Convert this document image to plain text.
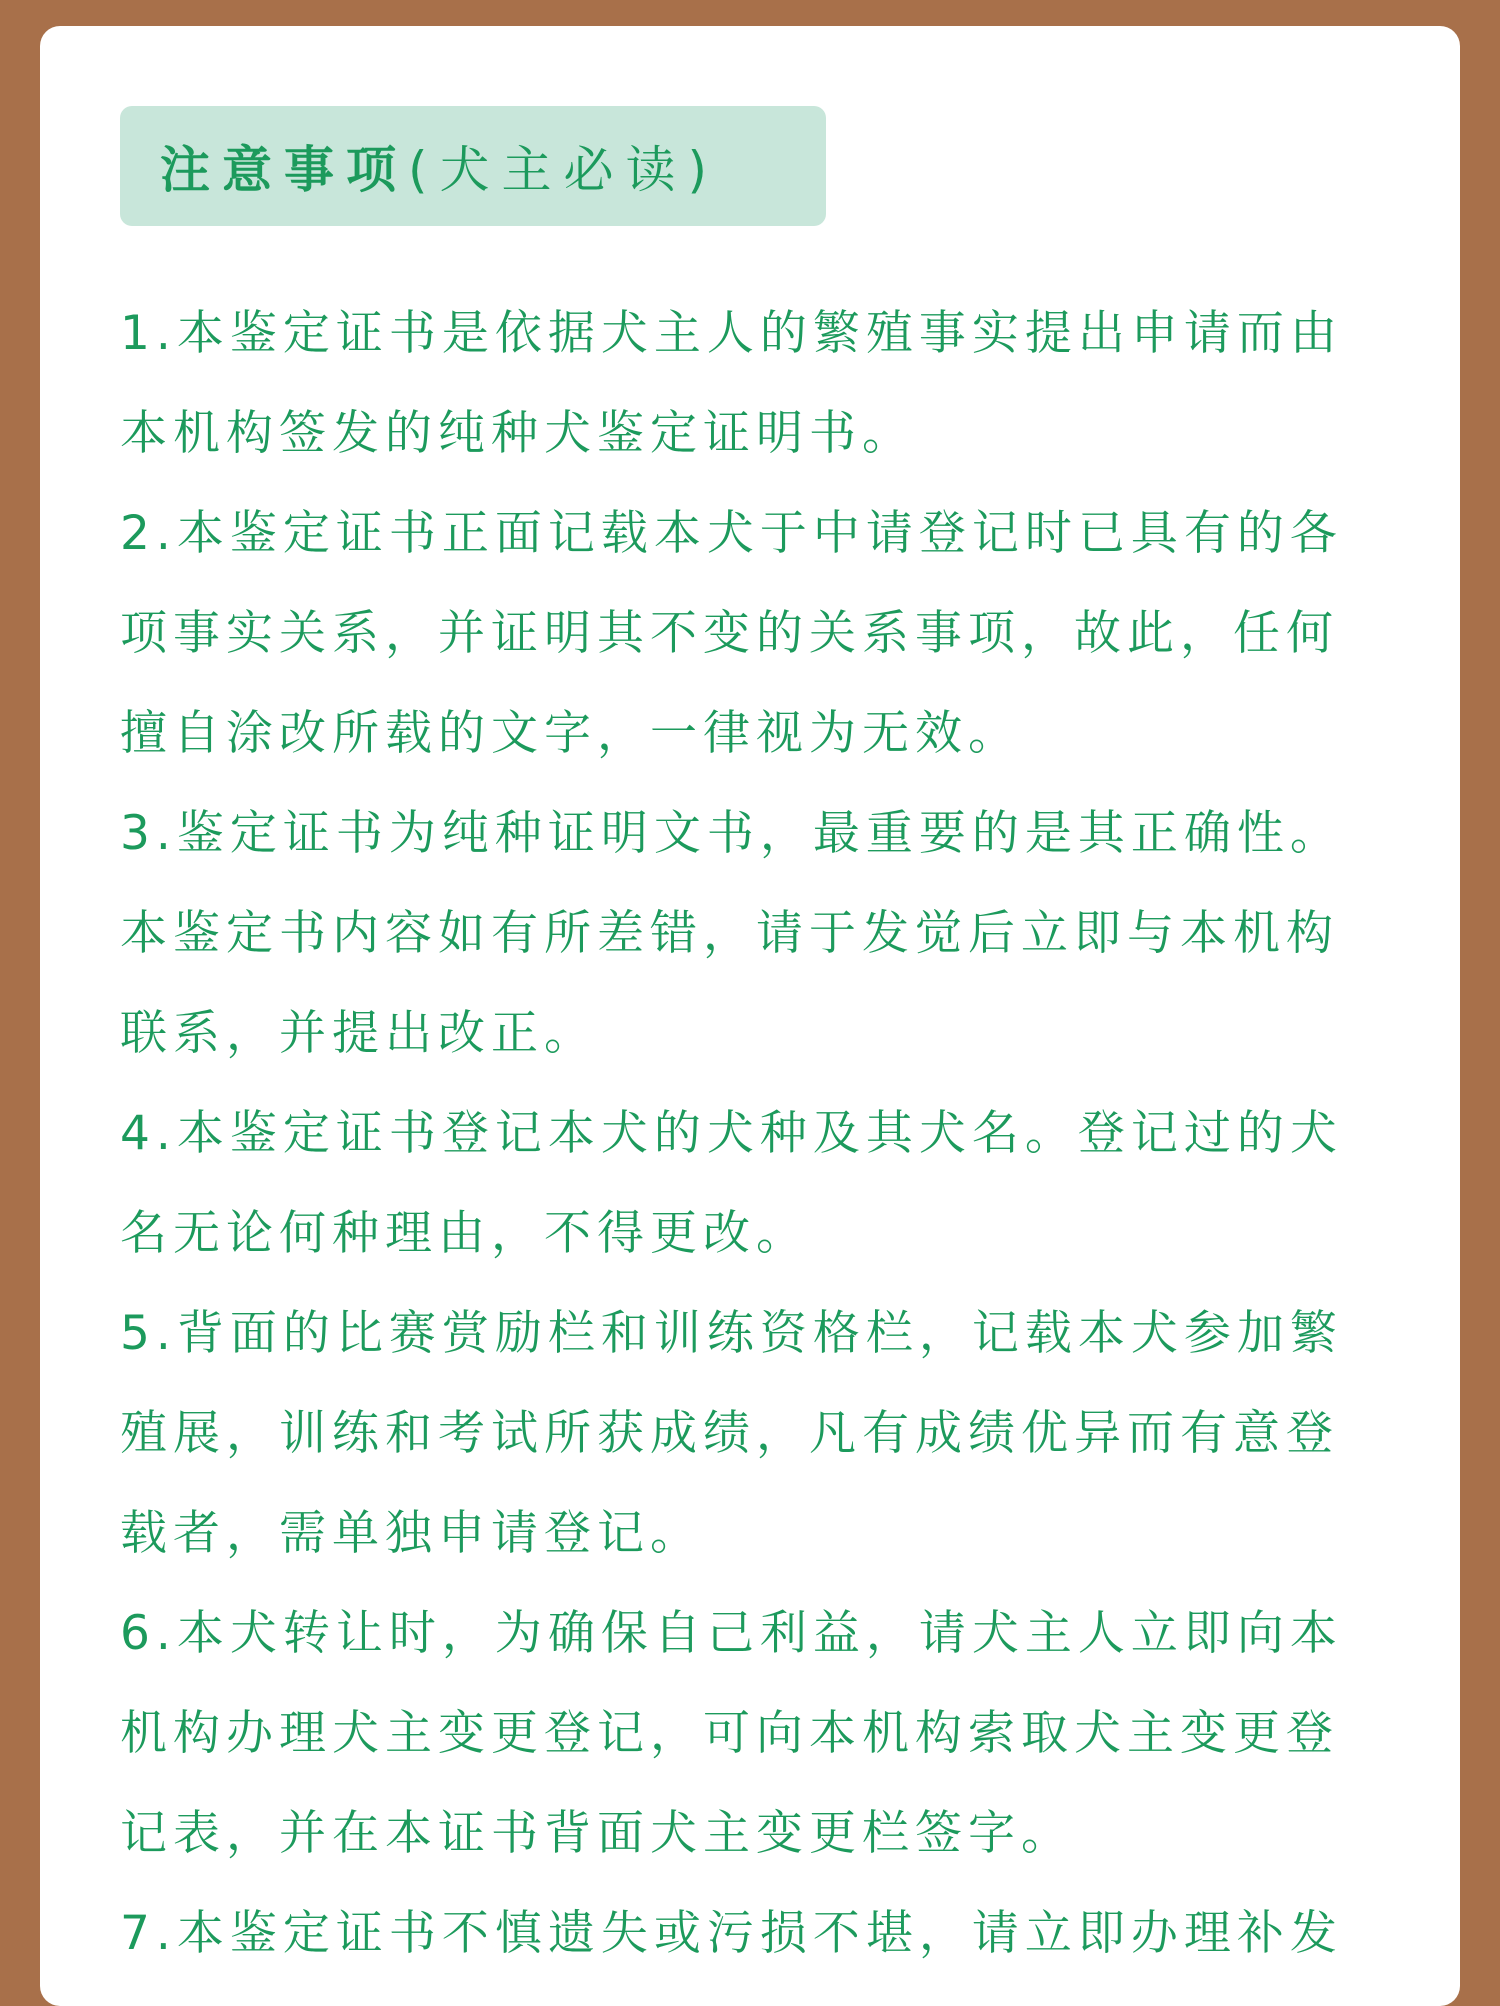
注意事项 (犬主必读)
1.本鉴定证书是依据犬主人的繁殖事实提出申请而由
本机构签发的纯种犬鉴定证明书。
2.本鉴定证书正面记载本犬于中请登记时已具有的各
项事实关系，并证明其不变的关系事项，故此，任何
擅自涂改所载的文字，一律视为无效。
3.鉴定证书为纯种证明文书，最重要的是其正确性。
本鉴定书内容如有所差错，请于发觉后立即与本机构
联系，并提出改正。
4.本鉴定证书登记本犬的犬种及其犬名。登记过的犬
名无论何种理由，不得更改。
5.背面的比赛赏励栏和训练资格栏，记载本犬参加繁
殖展，训练和考试所获成绩，凡有成绩优异而有意登
载者，需单独申请登记。
6.本犬转让时，为确保自己利益，请犬主人立即向本
机构办理犬主变更登记，可向本机构索取犬主变更登
记表，并在本证书背面犬主变更栏签字。
7.本鉴定证书不慎遗失或污损不堪，请立即办理补发
